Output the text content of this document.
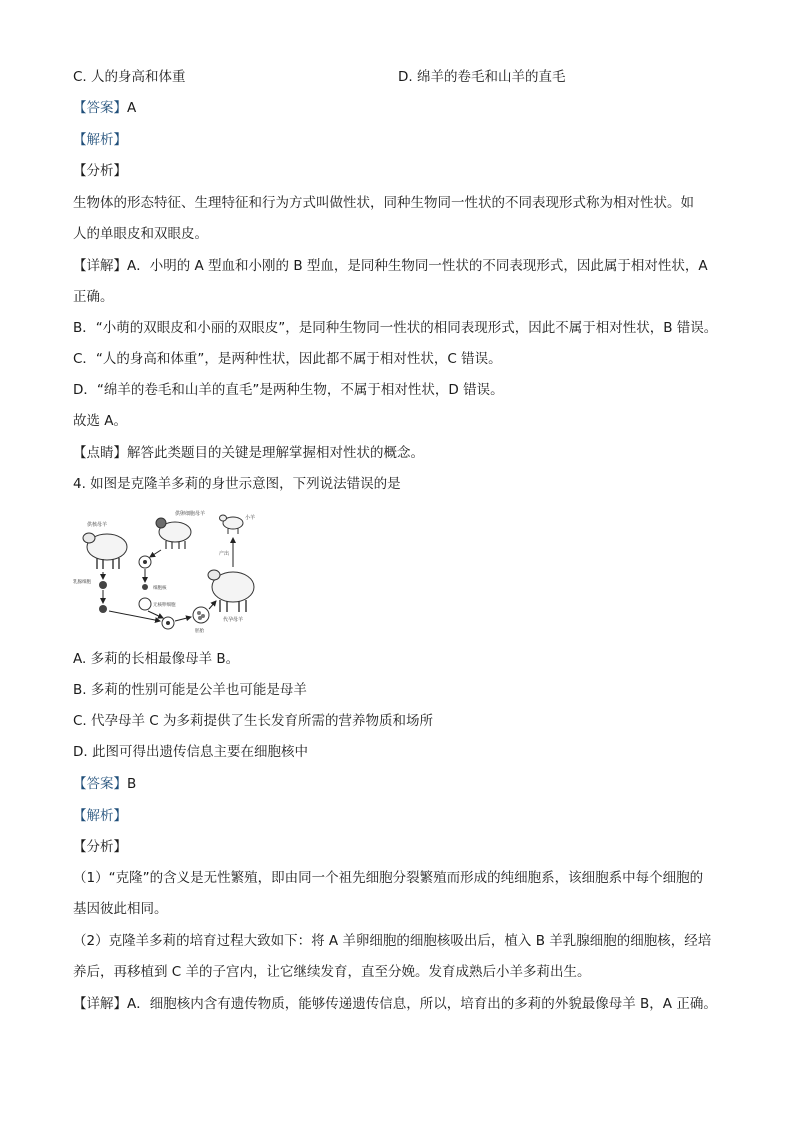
C. 人的身高和体重	D. 绵羊的卷毛和山羊的直毛
【答案】A
【解析】
【分析】
生物体的形态特征、生理特征和行为方式叫做性状，同种生物同一性状的不同表现形式称为相对性状。如
人的单眼皮和双眼皮。
【详解】A．小明的 A 型血和小刚的 B 型血，是同种生物同一性状的不同表现形式，因此属于相对性状，A
正确。
B．“小萌的双眼皮和小丽的双眼皮”，是同种生物同一性状的相同表现形式，因此不属于相对性状，B 错误。
C．“人的身高和体重”，是两种性状，因此都不属于相对性状，C 错误。
D．“绵羊的卷毛和山羊的直毛”是两种生物，不属于相对性状，D 错误。
故选 A。
【点睛】解答此类题目的关键是理解掌握相对性状的概念。
4. 如图是克隆羊多莉的身世示意图，下列说法错误的是
供核母羊
供卵细胞母羊
小羊
代孕母羊
产出
乳腺细胞
细胞核
无核卵细胞
胚胎
A. 多莉的长相最像母羊 B。
B. 多莉的性别可能是公羊也可能是母羊
C. 代孕母羊 C 为多莉提供了生长发育所需的营养物质和场所
D. 此图可得出遗传信息主要在细胞核中
【答案】B
【解析】
【分析】
（1）“克隆”的含义是无性繁殖，即由同一个祖先细胞分裂繁殖而形成的纯细胞系，该细胞系中每个细胞的
基因彼此相同。
（2）克隆羊多莉的培育过程大致如下：将 A 羊卵细胞的细胞核吸出后，植入 B 羊乳腺细胞的细胞核，经培
养后，再移植到 C 羊的子宫内，让它继续发育，直至分娩。发育成熟后小羊多莉出生。
【详解】A．细胞核内含有遗传物质，能够传递遗传信息，所以，培育出的多莉的外貌最像母羊 B，A 正确。
